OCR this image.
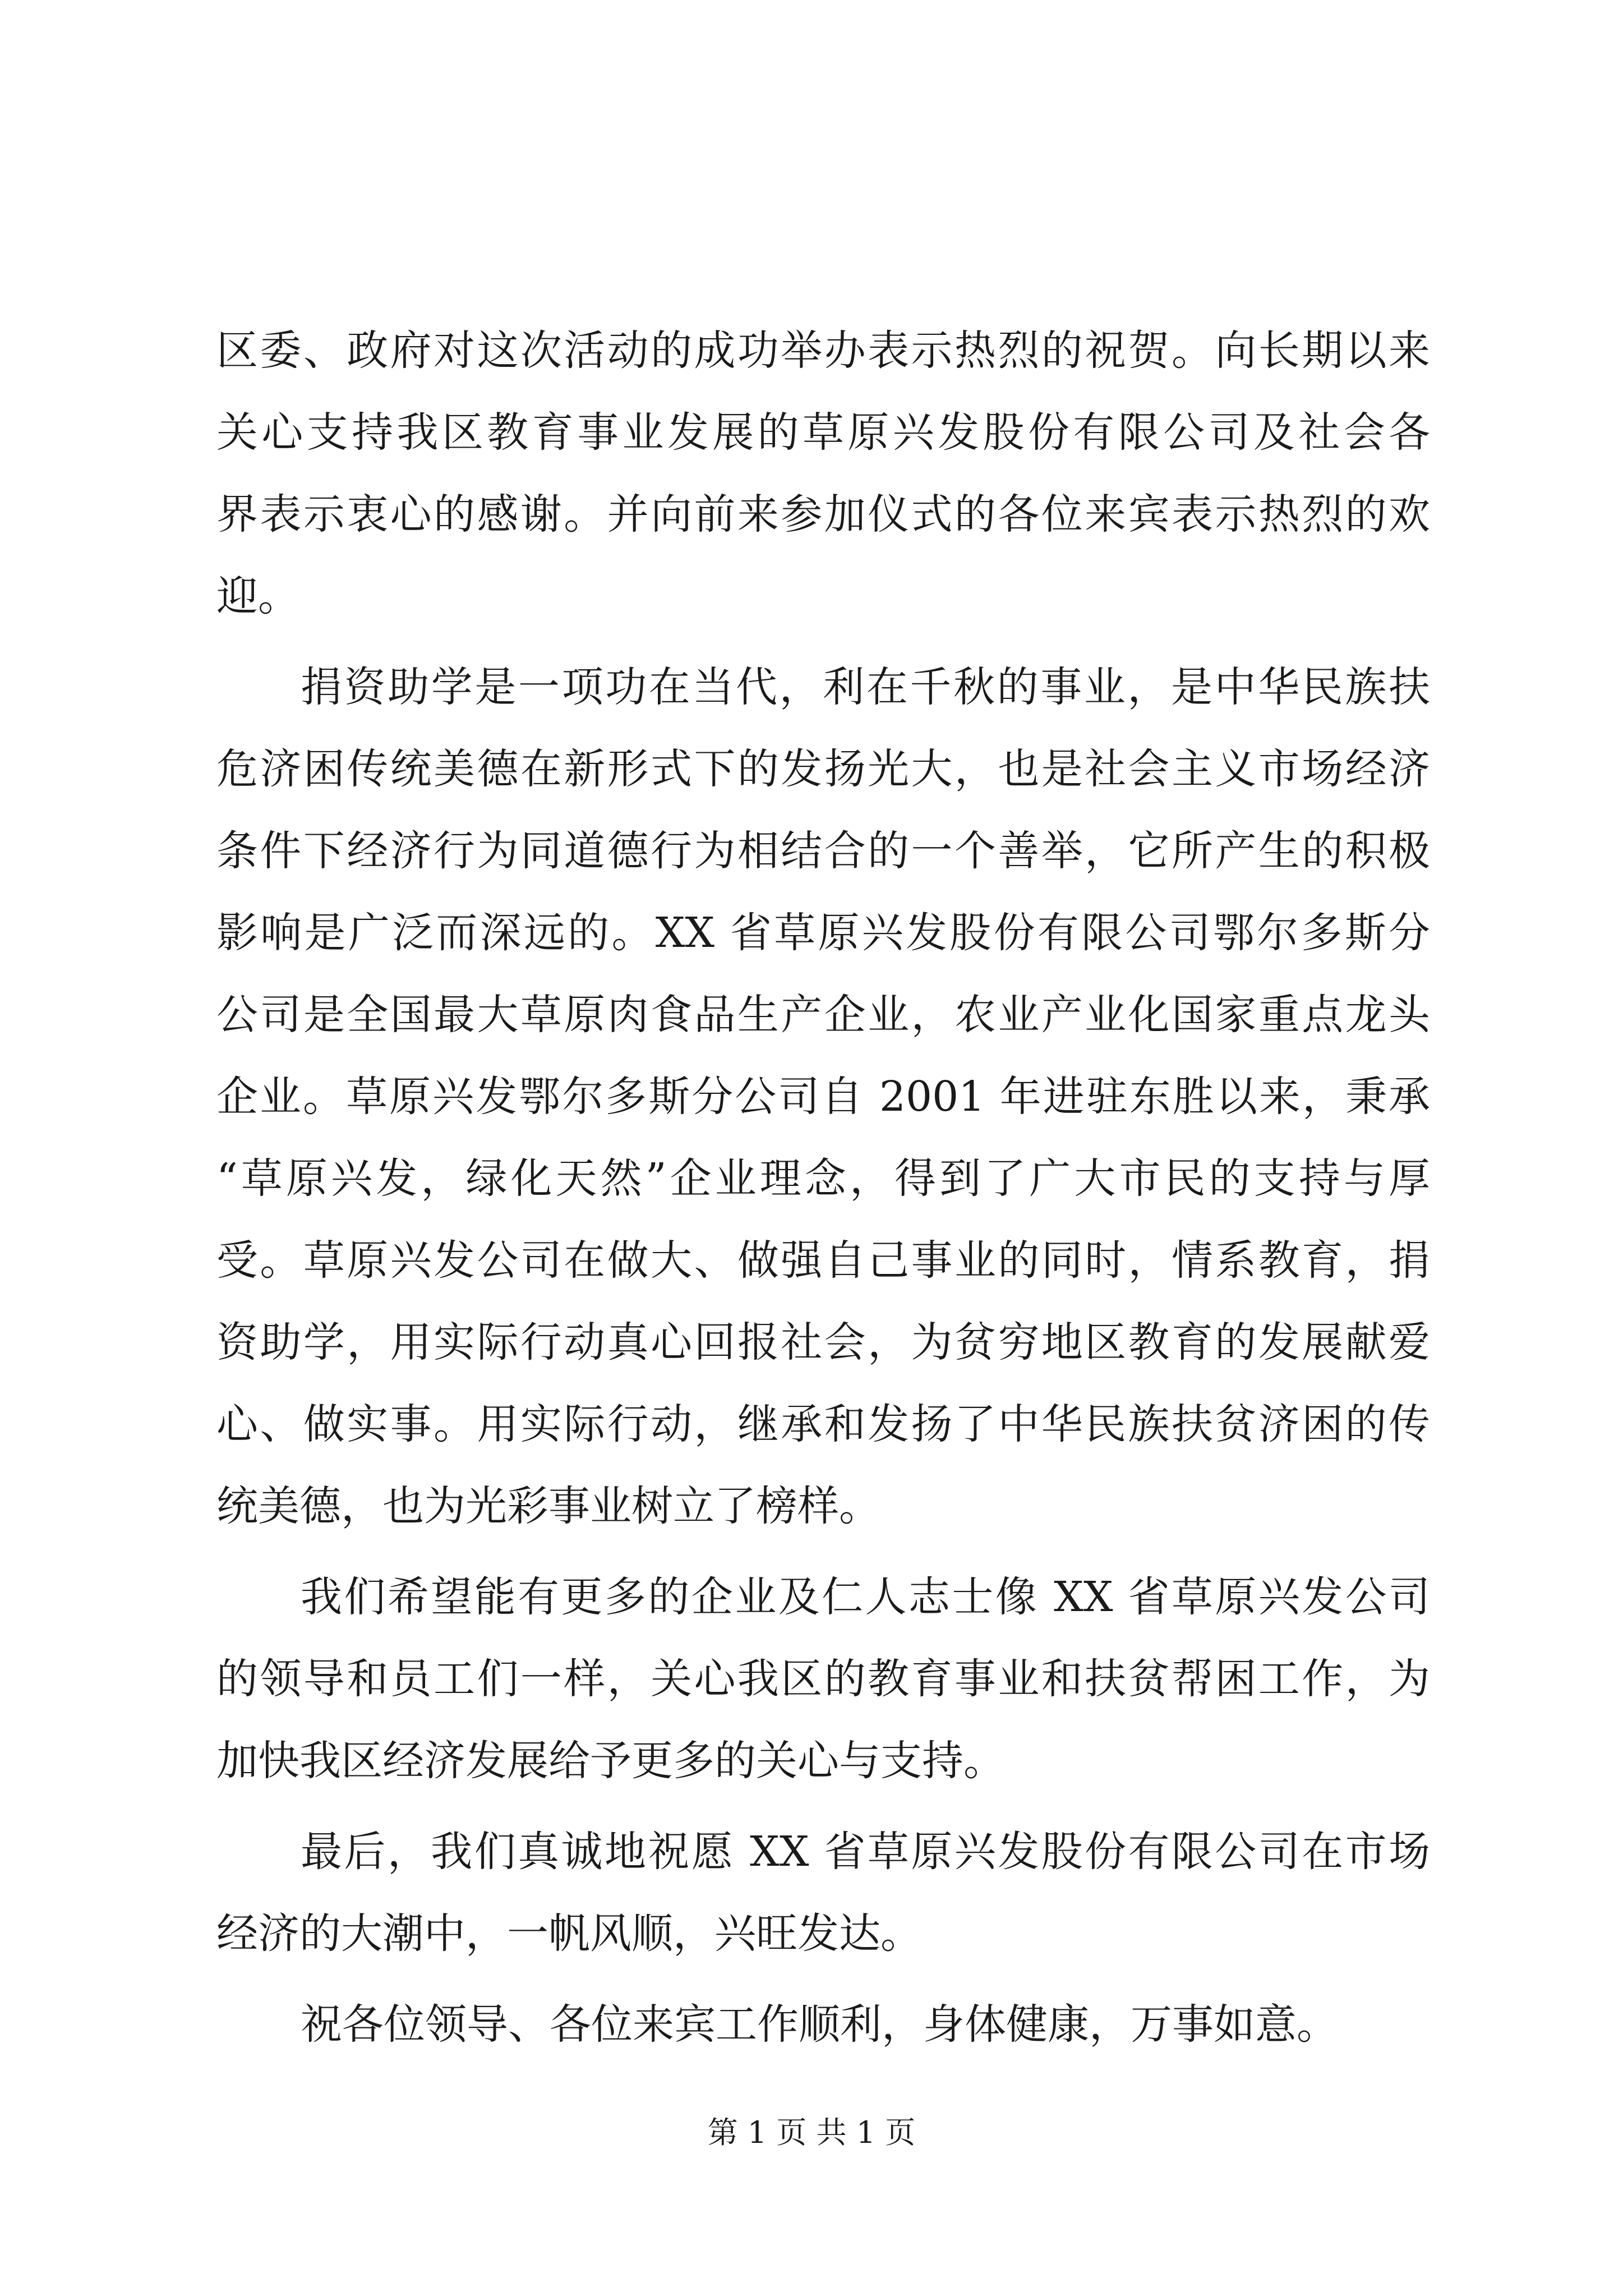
区委、政府对这次活动的成功举办表示热烈的祝贺。向长期以来
关心支持我区教育事业发展的草原兴发股份有限公司及社会各
界表示衷心的感谢。并向前来参加仪式的各位来宾表示热烈的欢
迎。
捐资助学是一项功在当代，利在千秋的事业，是中华民族扶
危济困传统美德在新形式下的发扬光大，也是社会主义市场经济
条件下经济行为同道德行为相结合的一个善举，它所产生的积极
影响是广泛而深远的。XX 省草原兴发股份有限公司鄂尔多斯分
公司是全国最大草原肉食品生产企业，农业产业化国家重点龙头
企业。草原兴发鄂尔多斯分公司自 2001 年进驻东胜以来，秉承
“草原兴发，绿化天然”企业理念，得到了广大市民的支持与厚
受。草原兴发公司在做大、做强自己事业的同时，情系教育，捐
资助学，用实际行动真心回报社会，为贫穷地区教育的发展献爱
心、做实事。用实际行动，继承和发扬了中华民族扶贫济困的传
统美德，也为光彩事业树立了榜样。
我们希望能有更多的企业及仁人志士像 XX 省草原兴发公司
的领导和员工们一样，关心我区的教育事业和扶贫帮困工作，为
加快我区经济发展给予更多的关心与支持。
最后，我们真诚地祝愿 XX 省草原兴发股份有限公司在市场
经济的大潮中，一帆风顺，兴旺发达。
祝各位领导、各位来宾工作顺利，身体健康，万事如意。
第 1 页 共 1 页
